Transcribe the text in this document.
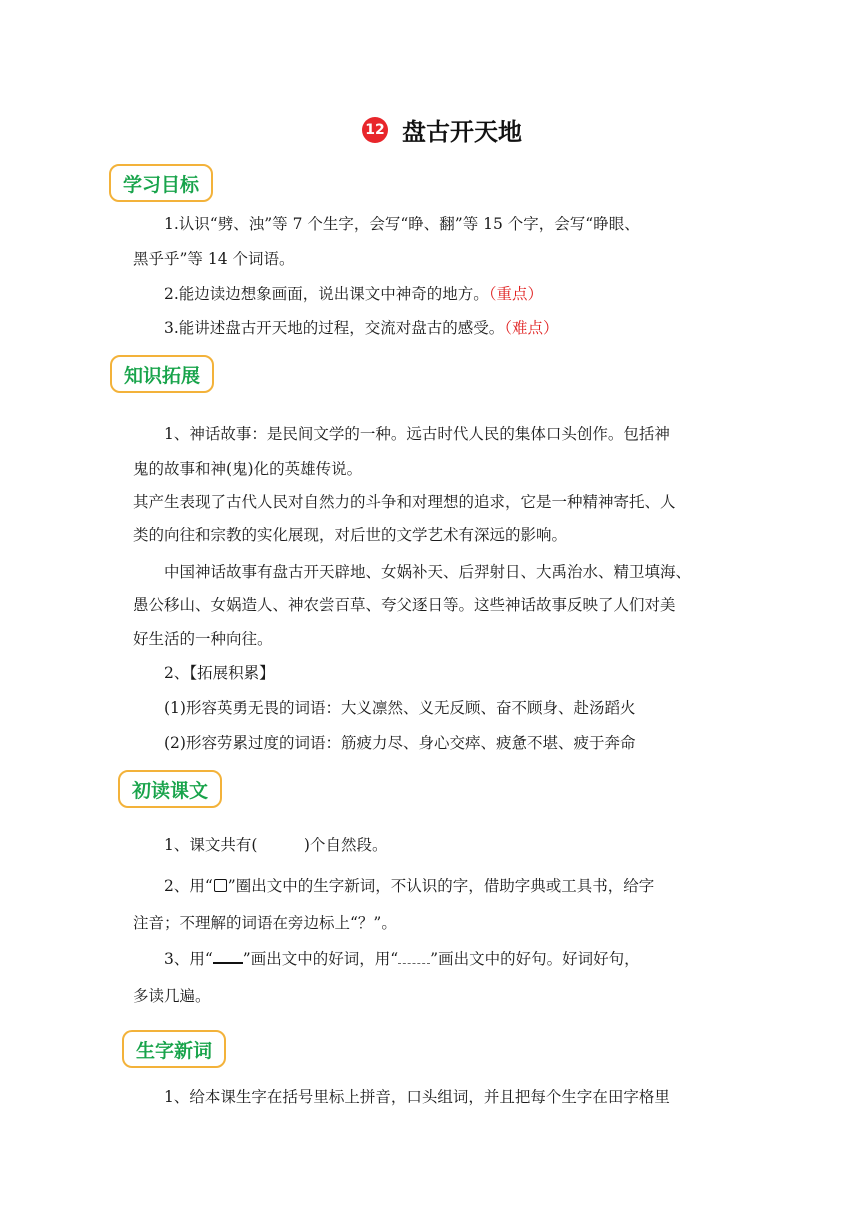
12 盘古开天地
学习目标
1.认识“劈、浊”等 7 个生字，会写“睁、翻”等 15 个字，会写“睁眼、
黑乎乎”等 14 个词语。
2.能边读边想象画面，说出课文中神奇的地方。（重点）
3.能讲述盘古开天地的过程，交流对盘古的感受。（难点）
知识拓展
1、神话故事：是民间文学的一种。远古时代人民的集体口头创作。包括神
鬼的故事和神(鬼)化的英雄传说。
其产生表现了古代人民对自然力的斗争和对理想的追求，它是一种精神寄托、人
类的向往和宗教的实化展现，对后世的文学艺术有深远的影响。
中国神话故事有盘古开天辟地、女娲补天、后羿射日、大禹治水、精卫填海、
愚公移山、女娲造人、神农尝百草、夸父逐日等。这些神话故事反映了人们对美
好生活的一种向往。
2、【拓展积累】
(1)形容英勇无畏的词语：大义凛然、义无反顾、奋不顾身、赴汤蹈火
(2)形容劳累过度的词语：筋疲力尽、身心交瘁、疲惫不堪、疲于奔命
初读课文
1、课文共有(　　　)个自然段。
2、用“ ”圈出文中的生字新词，不认识的字，借助字典或工具书，给字
注音；不理解的词语在旁边标上“？”。
3、用“ ”画出文中的好词，用“ ”画出文中的好句。好词好句，
多读几遍。
生字新词
1、给本课生字在括号里标上拼音，口头组词，并且把每个生字在田字格里
